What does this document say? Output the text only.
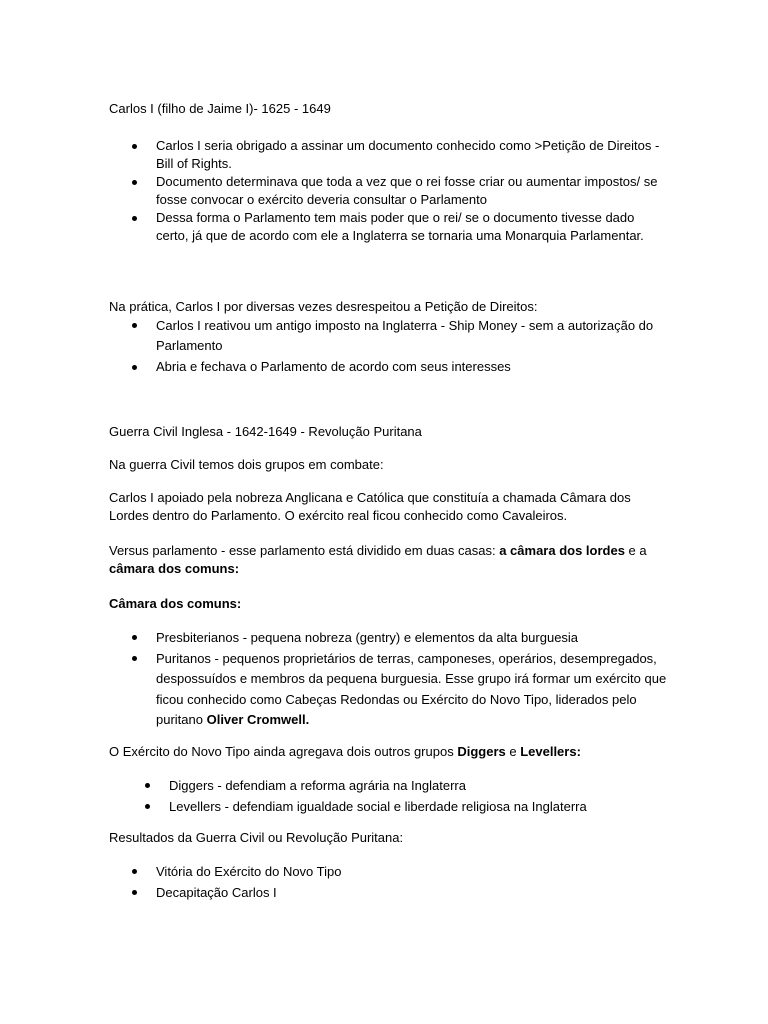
Carlos I (filho de Jaime I)- 1625 - 1649

Carlos I seria obrigado a assinar um documento conhecido como >Petição de Direitos - Bill of Rights.
Documento determinava que toda a vez que o rei fosse criar ou aumentar impostos/ se fosse convocar o exército deveria consultar o Parlamento
Dessa forma o Parlamento tem mais poder que o rei/ se o documento tivesse dado certo, já que de acordo com ele a Inglaterra se tornaria uma Monarquia Parlamentar.

Na prática, Carlos I por diversas vezes desrespeitou a Petição de Direitos:

Carlos I reativou um antigo imposto na Inglaterra - Ship Money - sem a autorização do Parlamento
Abria e fechava o Parlamento de acordo com seus interesses

Guerra Civil Inglesa - 1642-1649 - Revolução Puritana

Na guerra Civil temos dois grupos em combate:

Carlos I apoiado pela nobreza Anglicana e Católica que constituía a chamada Câmara dos Lordes dentro do Parlamento. O exército real ficou conhecido como Cavaleiros.

Versus parlamento - esse parlamento está dividido em duas casas: a câmara dos lordes e a câmara dos comuns:

Câmara dos comuns:

Presbiterianos - pequena nobreza (gentry) e elementos da alta burguesia
Puritanos - pequenos proprietários de terras, camponeses, operários, desempregados, despossuídos e membros da pequena burguesia. Esse grupo irá formar um exército que ficou conhecido como Cabeças Redondas ou Exército do Novo Tipo, liderados pelo puritano Oliver Cromwell.

O Exército do Novo Tipo ainda agregava dois outros grupos Diggers e Levellers:

Diggers - defendiam a reforma agrária na Inglaterra
Levellers - defendiam igualdade social e liberdade religiosa na Inglaterra

Resultados da Guerra Civil ou Revolução Puritana:

Vitória do Exército do Novo Tipo
Decapitação Carlos I
